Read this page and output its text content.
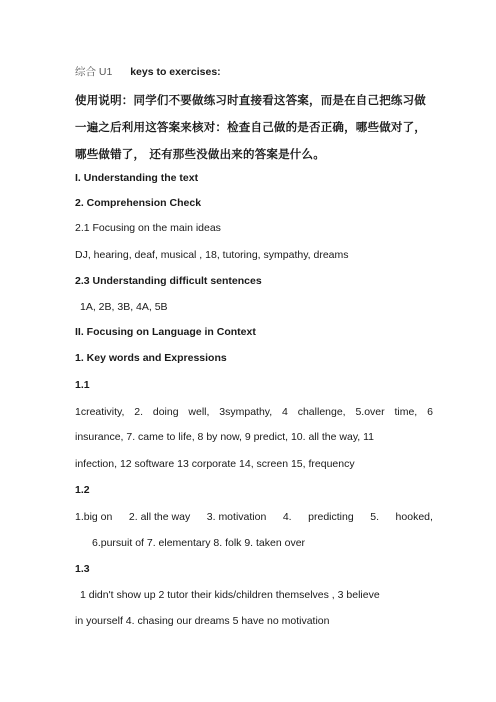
综合 U1 keys to exercises:
使用说明：同学们不要做练习时直接看这答案，而是在自己把练习做
一遍之后利用这答案来核对：检查自己做的是否正确，哪些做对了，
哪些做错了， 还有那些没做出来的答案是什么。
I. Understanding the text
2. Comprehension Check
2.1 Focusing on the main ideas
DJ, hearing, deaf, musical , 18, tutoring, sympathy, dreams
2.3 Understanding difficult sentences
1A, 2B, 3B, 4A, 5B
II. Focusing on Language in Context
1. Key words and Expressions
1.1
1creativity, 2. doing well, 3sympathy, 4 challenge, 5.over time, 6
insurance, 7. came to life, 8 by now, 9 predict, 10. all the way, 11
infection, 12 software 13 corporate 14, screen 15, frequency
1.2
1.big on 2. all the way 3. motivation 4. predicting 5. hooked,
6.pursuit of 7. elementary 8. folk 9. taken over
1.3
1 didn't show up 2 tutor their kids/children themselves , 3 believe
in yourself 4. chasing our dreams 5 have no motivation
